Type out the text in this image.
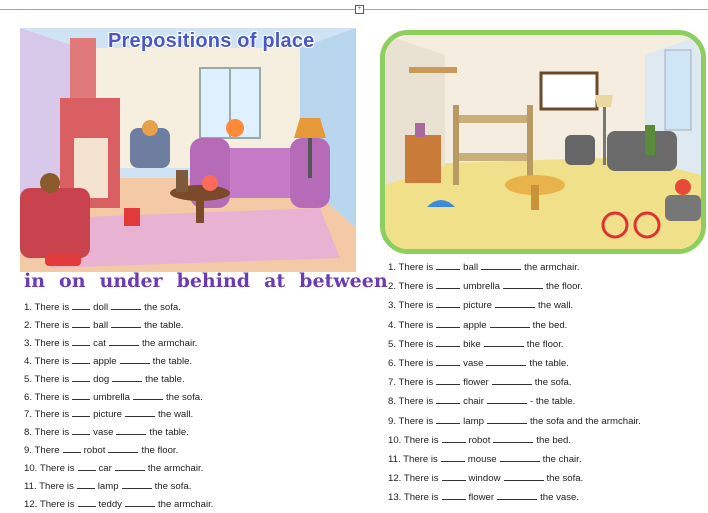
+
Prepositions of place
in on under behind at between
1. There is	doll	the sofa.
2. There is	ball	the table.
3. There is	cat	the armchair.
4. There is	apple	the table.
5. There is	dog	the table.
6. There is	umbrella	the sofa.
7. There is	picture	the wall.
8. There is	vase	the table.
9. There	robot	the floor.
10. There is	car	the armchair.
11. There is	lamp	the sofa.
12. There is	teddy	the armchair.
1. There is	ball	the armchair.
2. There is	umbrella	the floor.
3. There is	picture	the wall.
4. There is	apple	the bed.
5. There is	bike	the floor.
6. There is	vase	the table.
7. There is	flower	the sofa.
8. There is	chair	- the table.
9. There is	lamp	the sofa and the armchair.
10. There is	robot	the bed.
11. There is	mouse	the chair.
12. There is	window	the sofa.
13. There is	flower	the vase.
